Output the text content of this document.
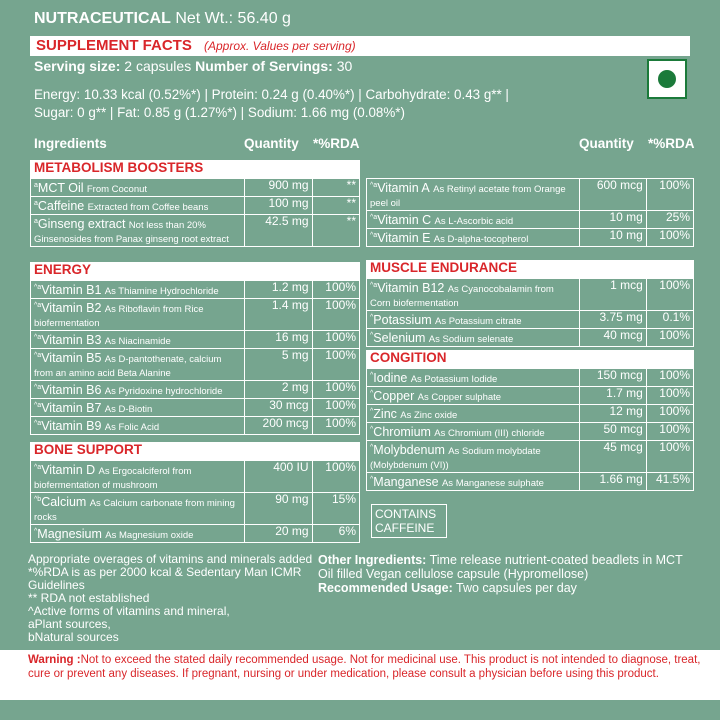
NUTRACEUTICAL Net Wt.: 56.40 g
SUPPLEMENT FACTS (Approx. Values per serving)
Serving size: 2 capsules Number of Servings: 30
Energy: 10.33 kcal (0.52%*) | Protein: 0.24 g (0.40%*) | Carbohydrate: 0.43 g** |
Sugar: 0 g** | Fat: 0.85 g (1.27%*) | Sodium: 1.66 mg (0.08%*)
Ingredients	Quantity *%RDA	Quantity *%RDA
METABOLISM BOOSTERS
$^a$MCT Oil From Coconut	900 mg	**
$^a$Caffeine Extracted from Coffee beans	100 mg	**
$^a$Ginseng extract Not less than 20% Ginsenosides from Panax ginseng root extract	42.5 mg	**
ENERGY
$^{\^{}a}$Vitamin B1 As Thiamine Hydrochloride	1.2 mg	100%
$^{\^{}a}$Vitamin B2 As Riboflavin from Rice biofermentation	1.4 mg	100%
$^{\^{}a}$Vitamin B3 As Niacinamide	16 mg	100%
$^{\^{}a}$Vitamin B5 As D-pantothenate, calcium from an amino acid Beta Alanine	5 mg	100%
$^{\^{}a}$Vitamin B6 As Pyridoxine hydrochloride	2 mg	100%
$^{\^{}a}$Vitamin B7 As D-Biotin	30 mcg	100%
$^{\^{}a}$Vitamin B9 As Folic Acid	200 mcg	100%
BONE SUPPORT
$^{\^{}a}$Vitamin D As Ergocalciferol from biofermentation of mushroom	400 IU	100%
$^{\^{}b}$Calcium As Calcium carbonate from mining rocks	90 mg	15%
^Magnesium As Magnesium oxide	20 mg	6%
$^{\^{}a}$Vitamin A As Retinyl acetate from Orange peel oil	600 mcg	100%
$^{\^{}a}$Vitamin C As L-Ascorbic acid	10 mg	25%
$^{\^{}a}$Vitamin E As D-alpha-tocopherol	10 mg	100%
MUSCLE ENDURANCE
$^{\^{}a}$Vitamin B12 As Cyanocobalamin from Corn biofermentation	1 mcg	100%
^Potassium As Potassium citrate	3.75 mg	0.1%
^Selenium As Sodium selenate	40 mcg	100%
CONGITION
^Iodine As Potassium Iodide	150 mcg	100%
^Copper As Copper sulphate	1.7 mg	100%
^Zinc As Zinc oxide	12 mg	100%
^Chromium As Chromium (III) chloride	50 mcg	100%
^Molybdenum As Sodium molybdate (Molybdenum (VI))	45 mcg	100%
^Manganese As Manganese sulphate	1.66 mg	41.5%
CONTAINS CAFFEINE
Appropriate overages of vitamins and minerals added
*%RDA is as per 2000 kcal & Sedentary Man ICMR Guidelines
** RDA not established
^Active forms of vitamins and mineral,
aPlant sources,
bNatural sources
Other Ingredients: Time release nutrient-coated beadlets in MCT Oil filled Vegan cellulose capsule (Hypromellose)
Recommended Usage: Two capsules per day
Warning :Not to exceed the stated daily recommended usage. Not for medicinal use. This product is not intended to diagnose, treat, cure or prevent any diseases. If pregnant, nursing or under medication, please consult a physician before using this product.
